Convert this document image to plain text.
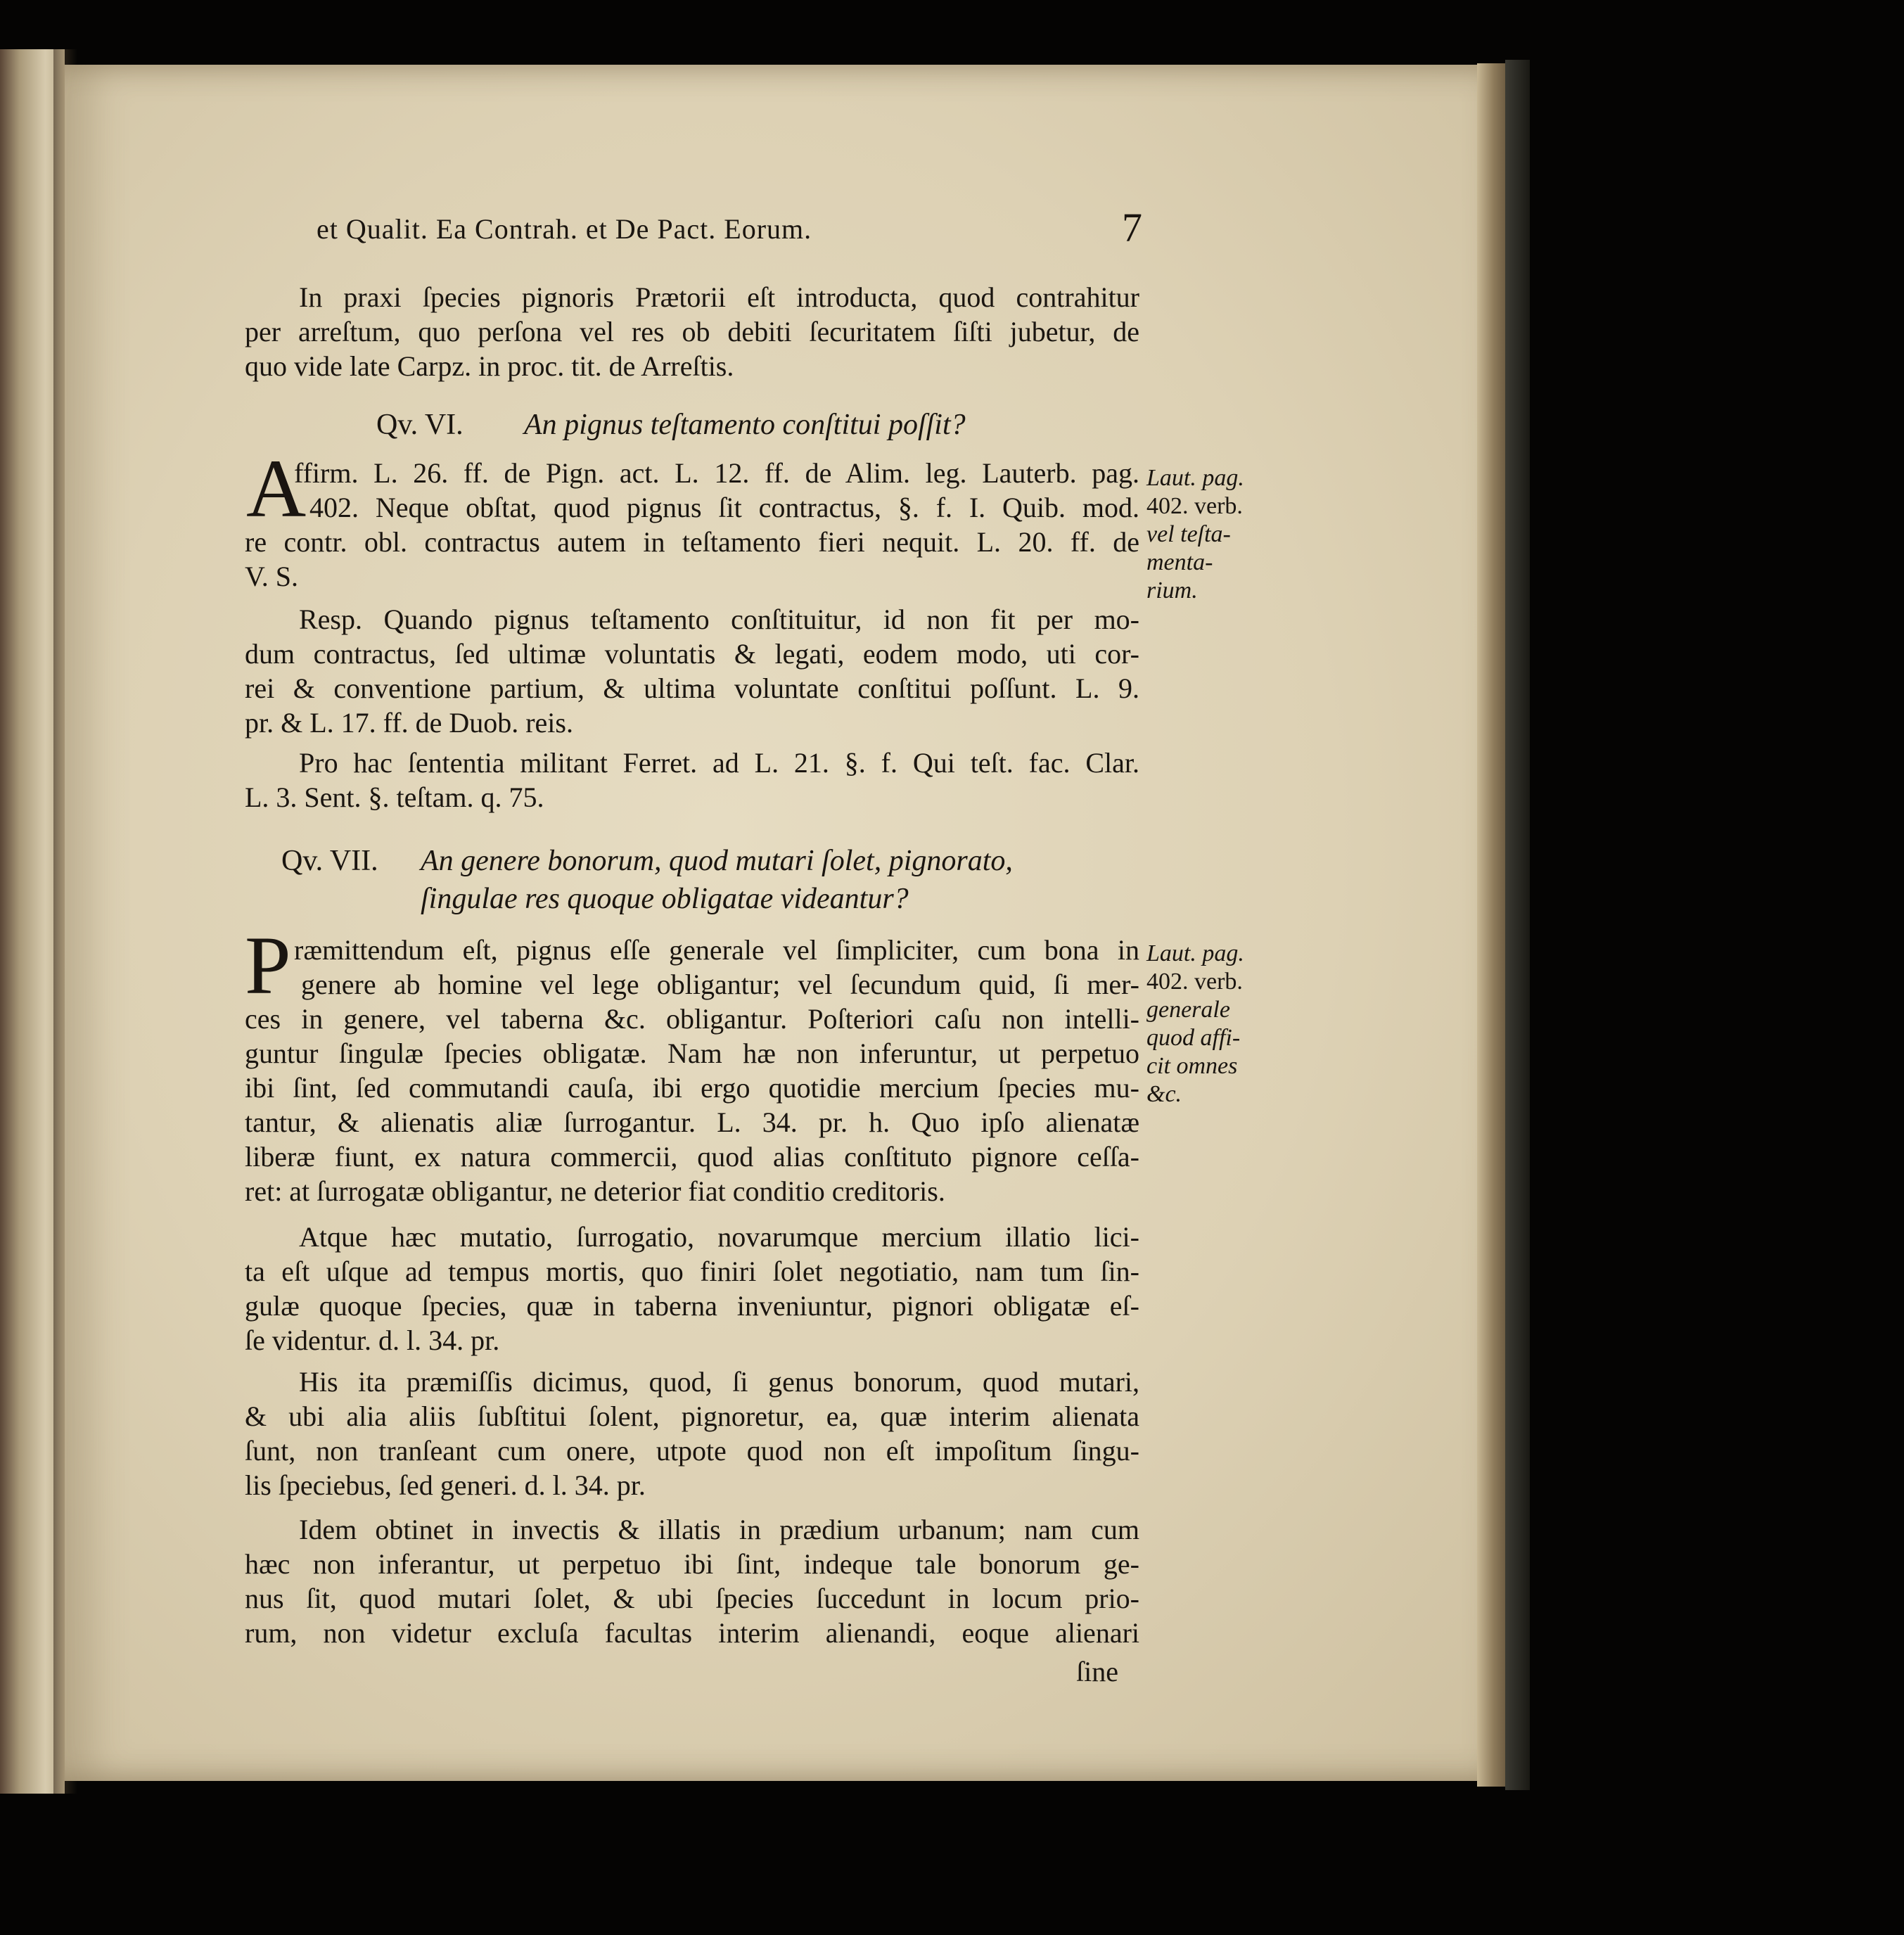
et Qualit. Ea Contrah. et De Pact. Eorum.	7
In praxi ſpecies pignoris Prætorii eſt introducta, quod contrahitur
per arreſtum, quo perſona vel res ob debiti ſecuritatem ſiſti jubetur, de
quo vide late Carpz. in proc. tit. de Arreſtis.
Qv. VI. An pignus teſtamento conſtitui poſſit?
A
ffirm. L. 26. ff. de Pign. act. L. 12. ff. de Alim. leg. Lauterb. pag.
402. Neque obſtat, quod pignus ſit contractus, §. f. I. Quib. mod.
re contr. obl. contractus autem in teſtamento fieri nequit. L. 20. ff. de
V. S.
Resp. Quando pignus teſtamento conſtituitur, id non fit per mo-
dum contractus, ſed ultimæ voluntatis & legati, eodem modo, uti cor-
rei & conventione partium, & ultima voluntate conſtitui poſſunt. L. 9.
pr. & L. 17. ff. de Duob. reis.
Pro hac ſententia militant Ferret. ad L. 21. §. f. Qui teſt. fac. Clar.
L. 3. Sent. §. teſtam. q. 75.
Laut. pag.
402. verb.
vel teſta-
menta-
rium.
Qv. VII. An genere bonorum, quod mutari ſolet, pignorato,
ſingulae res quoque obligatae videantur?
P ræmittendum eſt, pignus eſſe generale vel ſimpliciter, cum bona in
genere ab homine vel lege obligantur; vel ſecundum quid, ſi mer-
ces in genere, vel taberna &c. obligantur. Poſteriori caſu non intelli-
guntur ſingulæ ſpecies obligatæ. Nam hæ non inferuntur, ut perpetuo
ibi ſint, ſed commutandi cauſa, ibi ergo quotidie mercium ſpecies mu-
tantur, & alienatis aliæ ſurrogantur. L. 34. pr. h. Quo ipſo alienatæ
liberæ fiunt, ex natura commercii, quod alias conſtituto pignore ceſſa-
ret: at ſurrogatæ obligantur, ne deterior fiat conditio creditoris.
Laut. pag.
402. verb.
generale
quod affi-
cit omnes
&c.
Atque hæc mutatio, ſurrogatio, novarumque mercium illatio lici-
ta eſt uſque ad tempus mortis, quo finiri ſolet negotiatio, nam tum ſin-
gulæ quoque ſpecies, quæ in taberna inveniuntur, pignori obligatæ eſ-
ſe videntur. d. l. 34. pr.
His ita præmiſſis dicimus, quod, ſi genus bonorum, quod mutari,
& ubi alia aliis ſubſtitui ſolent, pignoretur, ea, quæ interim alienata
ſunt, non tranſeant cum onere, utpote quod non eſt impoſitum ſingu-
lis ſpeciebus, ſed generi. d. l. 34. pr.
Idem obtinet in invectis & illatis in prædium urbanum; nam cum
hæc non inferantur, ut perpetuo ibi ſint, indeque tale bonorum ge-
nus ſit, quod mutari ſolet, & ubi ſpecies ſuccedunt in locum prio-
rum, non videtur excluſa facultas interim alienandi, eoque alienari
ſine
